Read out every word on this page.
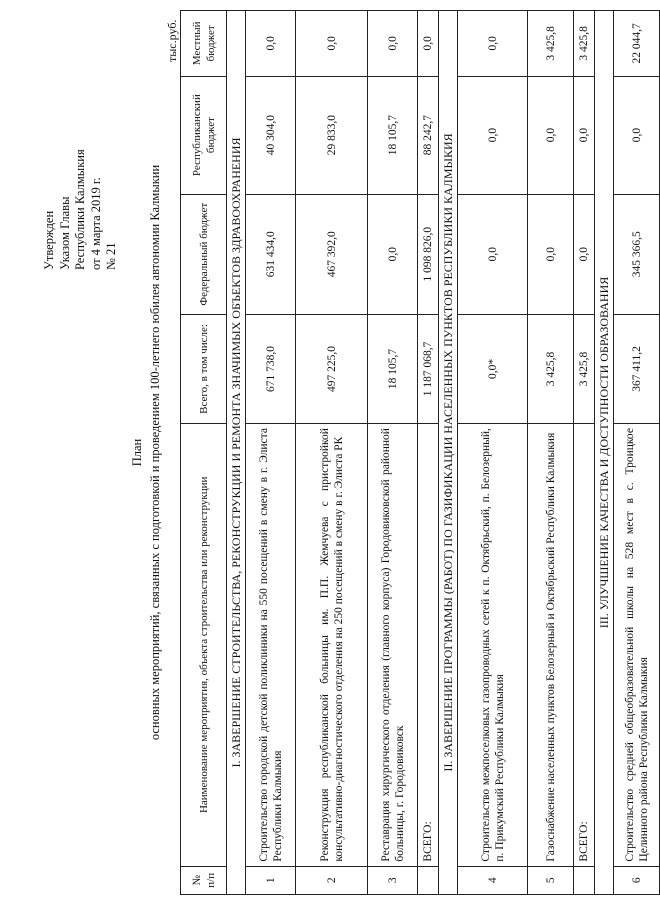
Утвержден Указом Главы Республики Калмыкия от 4 марта 2019 г. № 21
План основных мероприятий, связанных с подготовкой и проведением 100-летнего юбилея автономии Калмыкии
тыс.руб.
№ п/п	Наименование мероприятия, объекта строительства или реконструкции	Всего, в том числе:	Федеральный бюджет	Республиканский бюджет	Местный бюджет
I. ЗАВЕРШЕНИЕ СТРОИТЕЛЬСТВА, РЕКОНСТРУКЦИИ И РЕМОНТА ЗНАЧИМЫХ ОБЪЕКТОВ ЗДРАВООХРАНЕНИЯ					
1	Строительство городской детской поликлиники на 550 посещений в смену в г. Элиста Республики Калмыкия	671 738,0	631 434,0	40 304,0	0,0
2	Реконструкция республиканской больницы им. П.П. Жемчуева с пристройкой консультативно-диагностического отделения на 250 посещений в смену в г. Элиста РК	497 225,0	467 392,0	29 833,0	0,0
3	Реставрация хирургического отделения (главного корпуса) Городовиковской районной больницы, г. Городовиковск	18 105,7	0,0	18 105,7	0,0
	ВСЕГО:	1 187 068,7	1 098 826,0	88 242,7	0,0
II. ЗАВЕРШЕНИЕ ПРОГРАММЫ (РАБОТ) ПО ГАЗИФИКАЦИИ НАСЕЛЕННЫХ ПУНКТОВ РЕСПУБЛИКИ КАЛМЫКИЯ					
4	Строительство межпоселковых газопроводных сетей к п. Октябрьский, п. Белозерный, п. Прикумский Республики Калмыкия	0,0*	0,0	0,0	0,0
5	Газоснабжение населенных пунктов Белозерный и Октябрьский Республики Калмыкия	3 425,8	0,0	0,0	3 425,8
	ВСЕГО:	3 425,8	0,0	0,0	3 425,8
III. УЛУЧШЕНИЕ КАЧЕСТВА И ДОСТУПНОСТИ ОБРАЗОВАНИЯ					
6	Строительство средней общеобразовательной школы на 528 мест в с. Троицкое Целинного района Республики Калмыкия	367 411,2	345 366,5	0,0	22 044,7
